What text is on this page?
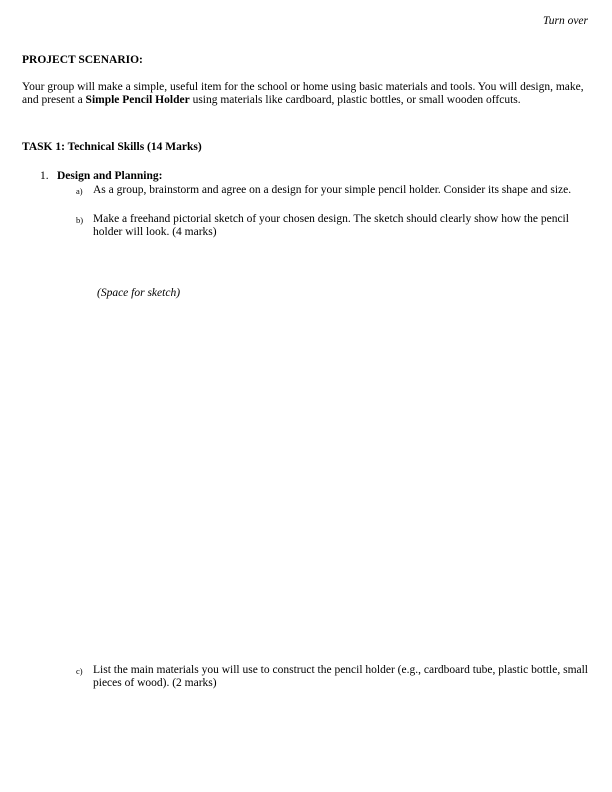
Turn over
PROJECT SCENARIO:
Your group will make a simple, useful item for the school or home using basic materials and tools. You will design, make, and present a Simple Pencil Holder using materials like cardboard, plastic bottles, or small wooden offcuts.
TASK 1: Technical Skills (14 Marks)
1. Design and Planning:
a) As a group, brainstorm and agree on a design for your simple pencil holder. Consider its shape and size.
b) Make a freehand pictorial sketch of your chosen design. The sketch should clearly show how the pencil holder will look. (4 marks)
(Space for sketch)
c) List the main materials you will use to construct the pencil holder (e.g., cardboard tube, plastic bottle, small pieces of wood). (2 marks)
